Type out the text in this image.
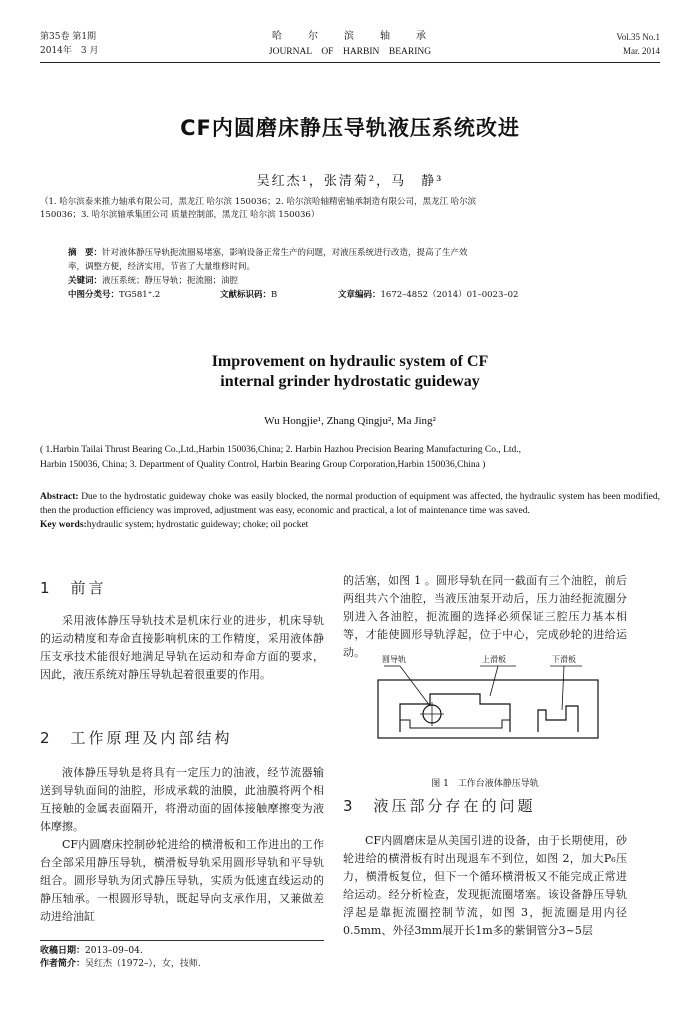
第35卷 第1期
2014年　3 月
哈　　尔　　滨　　轴　　承
JOURNAL　OF　HARBIN　BEARING
Vol.35 No.1
Mar. 2014
CF内圆磨床静压导轨液压系统改进
吴红杰¹，张清菊²，马　静³
（1. 哈尔滨泰来推力轴承有限公司，黑龙江 哈尔滨 150036；2. 哈尔滨哈轴精密轴承制造有限公司，黑龙江 哈尔滨
150036；3. 哈尔滨轴承集团公司 质量控制部，黑龙江 哈尔滨 150036）
摘　要：针对液体静压导轨扼流圈易堵塞，影响设备正常生产的问题，对液压系统进行改造，提高了生产效
率，调整方便，经济实用，节省了大量维修时间。
关键词：液压系统；静压导轨；扼流圈；油腔
中图分类号：TG581⁺.2	文献标识码：B	文章编码：1672–4852（2014）01–0023–02
Improvement on hydraulic system of CF
internal grinder hydrostatic guideway
Wu Hongjie¹, Zhang Qingju², Ma Jing²
( 1.Harbin Tailai Thrust Bearing Co.,Ltd.,Harbin 150036,China; 2. Harbin Hazhou Precision Bearing Manufacturing Co., Ltd.,
Harbin 150036, China; 3. Department of Quality Control, Harbin Bearing Group Corporation,Harbin 150036,China )
Abstract: Due to the hydrostatic guideway choke was easily blocked, the normal production of equipment was affected, the hydraulic system has been modified, then the production efficiency was improved, adjustment was easy, economic and practical, a lot of maintenance time was saved.
Key words:hydraulic system; hydrostatic guideway; choke; oil pocket
1　前言

采用液体静压导轨技术是机床行业的进步，机床导轨的运动精度和寿命直接影响机床的工作精度，采用液体静压支承技术能很好地满足导轨在运动和寿命方面的要求，因此，液压系统对静压导轨起着很重要的作用。

2　工作原理及内部结构

液体静压导轨是将具有一定压力的油液，经节流器输送到导轨面间的油腔，形成承载的油膜，此油膜将两个相互接触的金属表面隔开，将滑动面的固体接触摩擦变为液体摩擦。

CF内圆磨床控制砂轮进给的横滑板和工作进出的工作台全部采用静压导轨，横滑板导轨采用圆形导轨和平导轨组合。圆形导轨为闭式静压导轨，实质为低速直线运动的静压轴承。一根圆形导轨，既起导向支承作用，又兼做差动进给油缸

收稿日期：2013–09–04.
作者简介：吴红杰（1972–），女，技师.

的活塞，如图 1 。圆形导轨在同一截面有三个油腔，前后两组共六个油腔，当液压油泵开动后，压力油经扼流圈分别进入各油腔，扼流圈的选择必须保证三腔压力基本相等，才能使圆形导轨浮起，位于中心，完成砂轮的进给运动。

圆导轨	上滑板	下滑板
图 1　工作台液体静压导轨
3　液压部分存在的问题

CF内圆磨床是从美国引进的设备，由于长期使用，砂轮进给的横滑板有时出现退车不到位，如图 2，加大P₆压力，横滑板复位，但下一个循环横滑板又不能完成正常进给运动。经分析检查，发现扼流圈堵塞。该设备静压导轨浮起是靠扼流圈控制节流，如图 3，扼流圈是用内径0.5mm、外径3mm展开长1m多的紫铜管分3~5层
